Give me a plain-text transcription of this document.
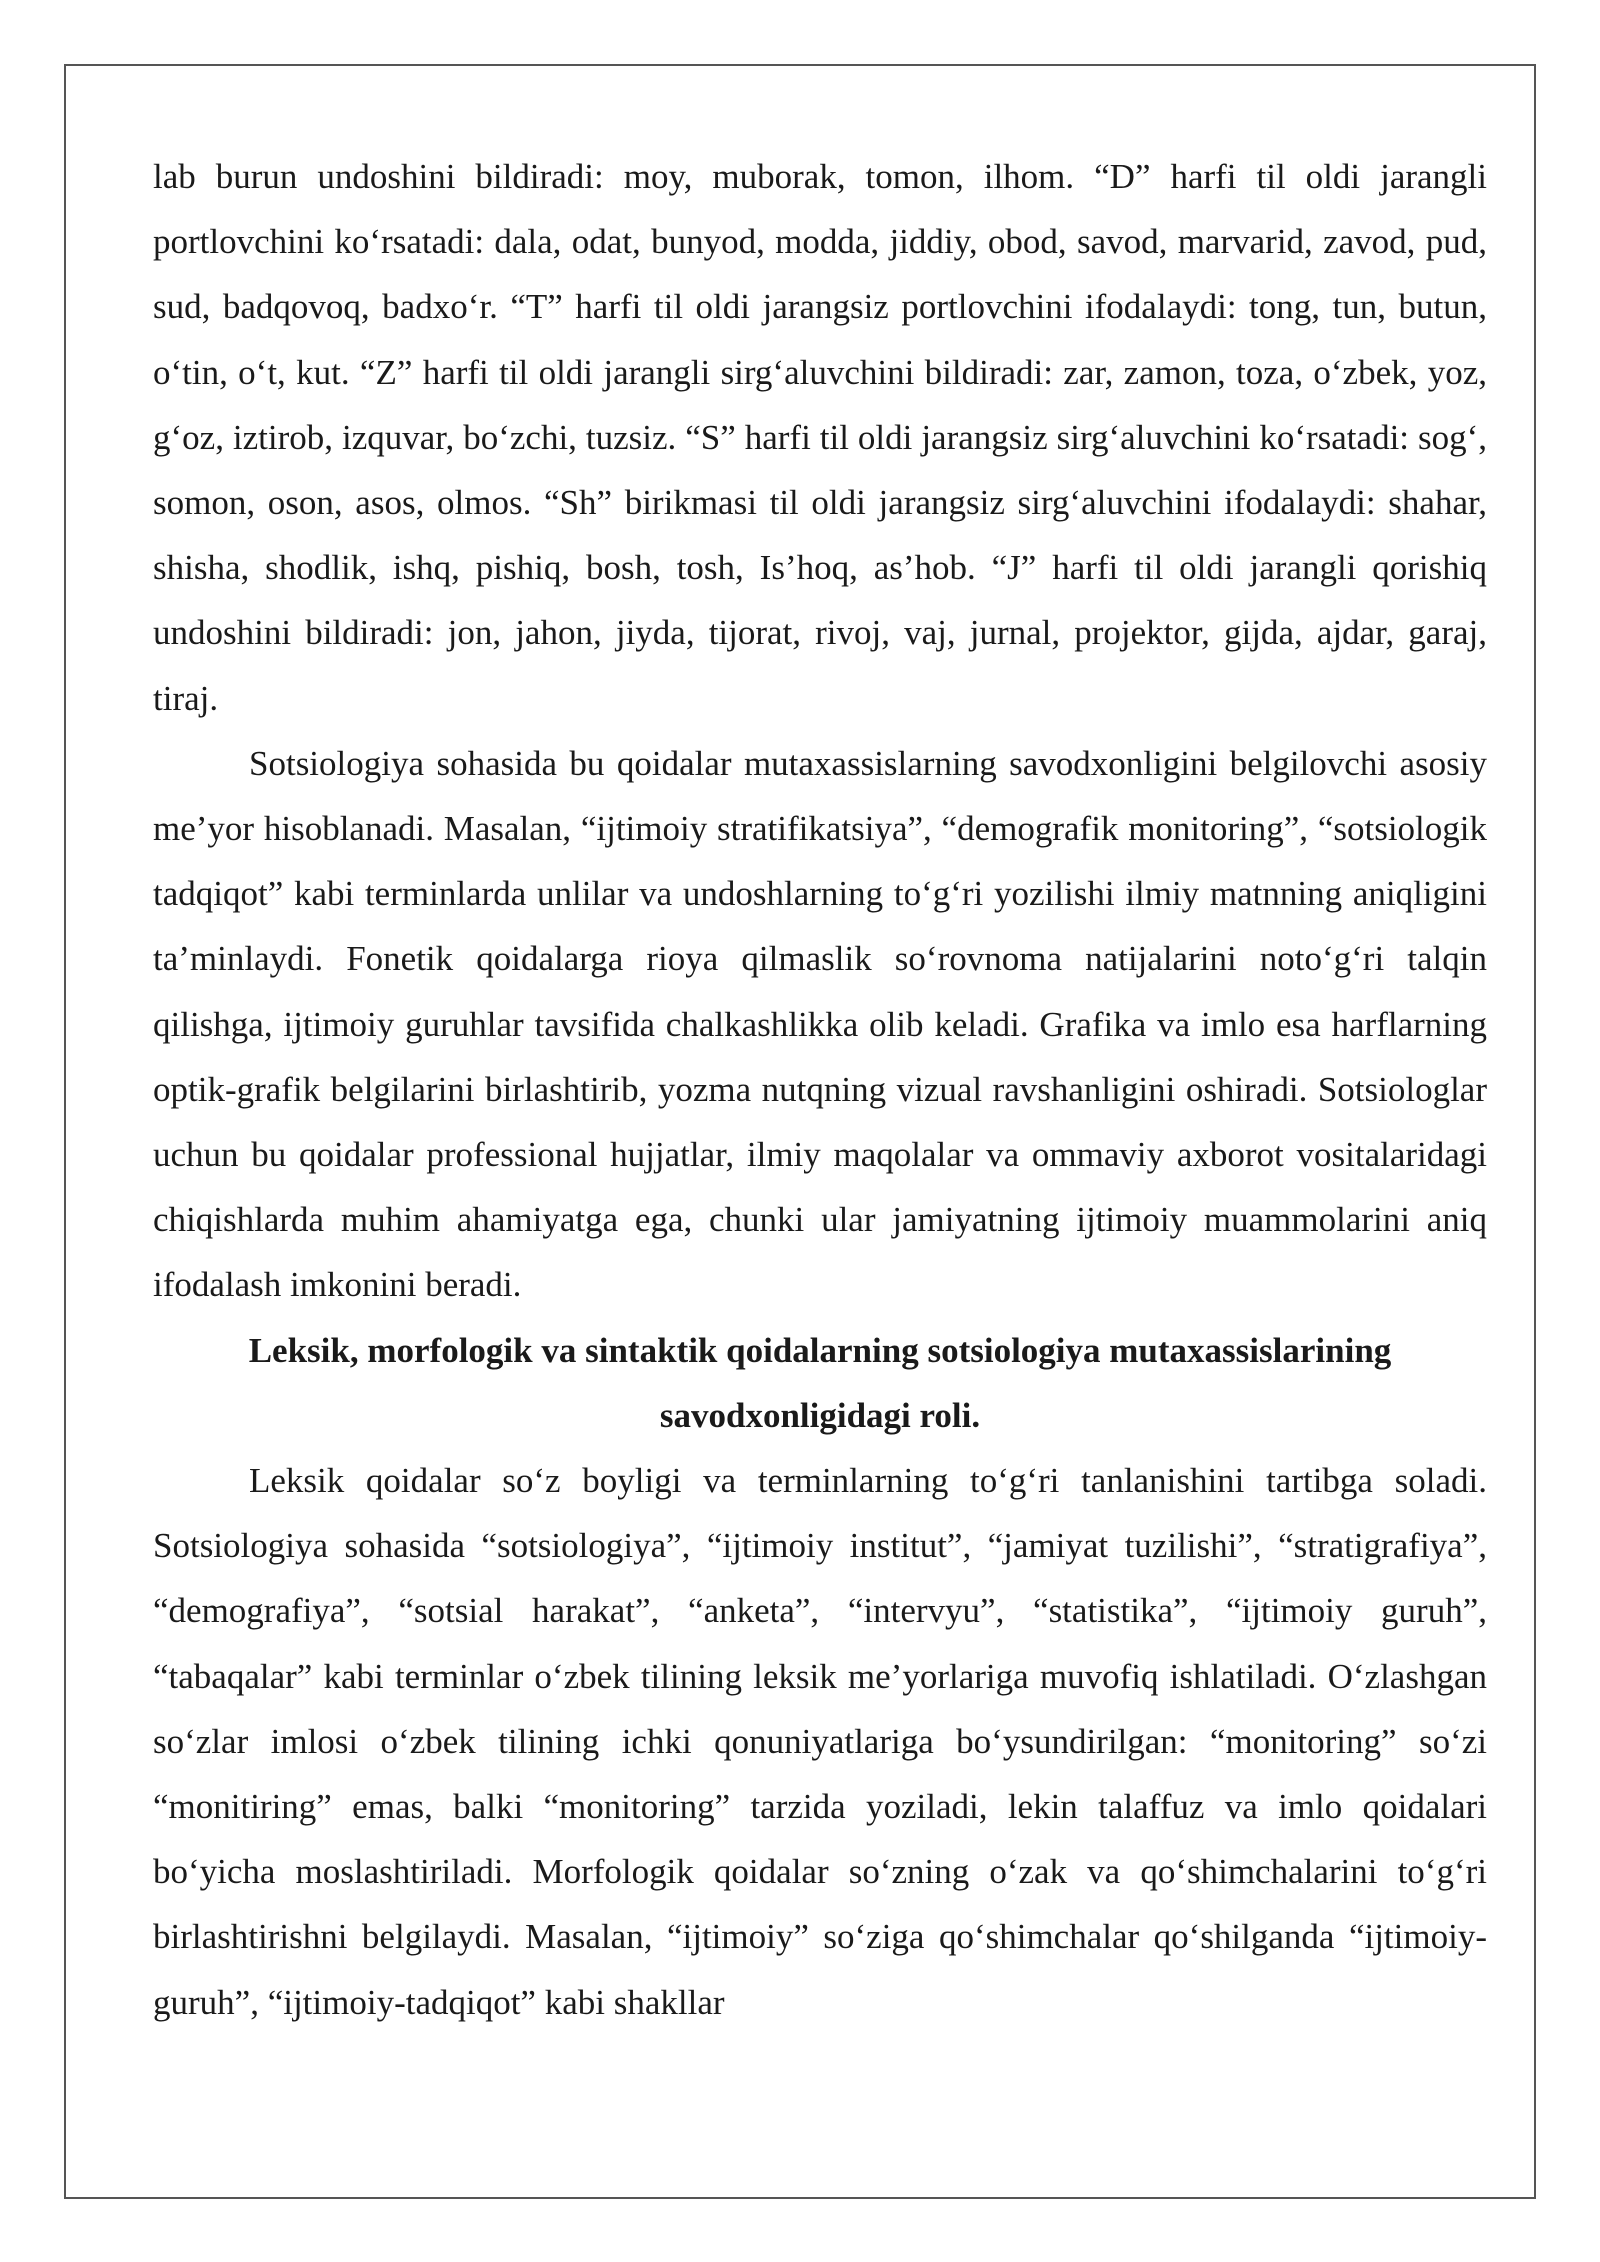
lab burun undoshini bildiradi: moy, muborak, tomon, ilhom. “D” harfi til oldi jarangli portlovchini koʻrsatadi: dala, odat, bunyod, modda, jiddiy, obod, savod, marvarid, zavod, pud, sud, badqovoq, badxoʻr. “T” harfi til oldi jarangsiz portlovchini ifodalaydi: tong, tun, butun, oʻtin, oʻt, kut. “Z” harfi til oldi jarangli sirgʻaluvchini bildiradi: zar, zamon, toza, oʻzbek, yoz, gʻoz, iztirob, izquvar, boʻzchi, tuzsiz. “S” harfi til oldi jarangsiz sirgʻaluvchini koʻrsatadi: sogʻ, somon, oson, asos, olmos. “Sh” birikmasi til oldi jarangsiz sirgʻaluvchini ifodalaydi: shahar, shisha, shodlik, ishq, pishiq, bosh, tosh, Is’hoq, as’hob. “J” harfi til oldi jarangli qorishiq undoshini bildiradi: jon, jahon, jiyda, tijorat, rivoj, vaj, jurnal, projektor, gijda, ajdar, garaj, tiraj.

Sotsiologiya sohasida bu qoidalar mutaxassislarning savodxonligini belgilovchi asosiy me’yor hisoblanadi. Masalan, “ijtimoiy stratifikatsiya”, “demografik monitoring”, “sotsiologik tadqiqot” kabi terminlarda unlilar va undoshlarning toʻgʻri yozilishi ilmiy matnning aniqligini ta’minlaydi. Fonetik qoidalarga rioya qilmaslik soʻrovnoma natijalarini notoʻgʻri talqin qilishga, ijtimoiy guruhlar tavsifida chalkashlikka olib keladi. Grafika va imlo esa harflarning optik-grafik belgilarini birlashtirib, yozma nutqning vizual ravshanligini oshiradi. Sotsiologlar uchun bu qoidalar professional hujjatlar, ilmiy maqolalar va ommaviy axborot vositalaridagi chiqishlarda muhim ahamiyatga ega, chunki ular jamiyatning ijtimoiy muammolarini aniq ifodalash imkonini beradi.

Leksik, morfologik va sintaktik qoidalarning sotsiologiya mutaxassislarining savodxonligidagi roli.

Leksik qoidalar soʻz boyligi va terminlarning toʻgʻri tanlanishini tartibga soladi. Sotsiologiya sohasida “sotsiologiya”, “ijtimoiy institut”, “jamiyat tuzilishi”, “stratigrafiya”, “demografiya”, “sotsial harakat”, “anketa”, “intervyu”, “statistika”, “ijtimoiy guruh”, “tabaqalar” kabi terminlar oʻzbek tilining leksik me’yorlariga muvofiq ishlatiladi. Oʻzlashgan soʻzlar imlosi oʻzbek tilining ichki qonuniyatlariga boʻysundirilgan: “monitoring” soʻzi “monitiring” emas, balki “monitoring” tarzida yoziladi, lekin talaffuz va imlo qoidalari boʻyicha moslashtiriladi. Morfologik qoidalar soʻzning oʻzak va qoʻshimchalarini toʻgʻri birlashtirishni belgilaydi. Masalan, “ijtimoiy” soʻziga qoʻshimchalar qoʻshilganda “ijtimoiy-guruh”, “ijtimoiy-tadqiqot” kabi shakllar
